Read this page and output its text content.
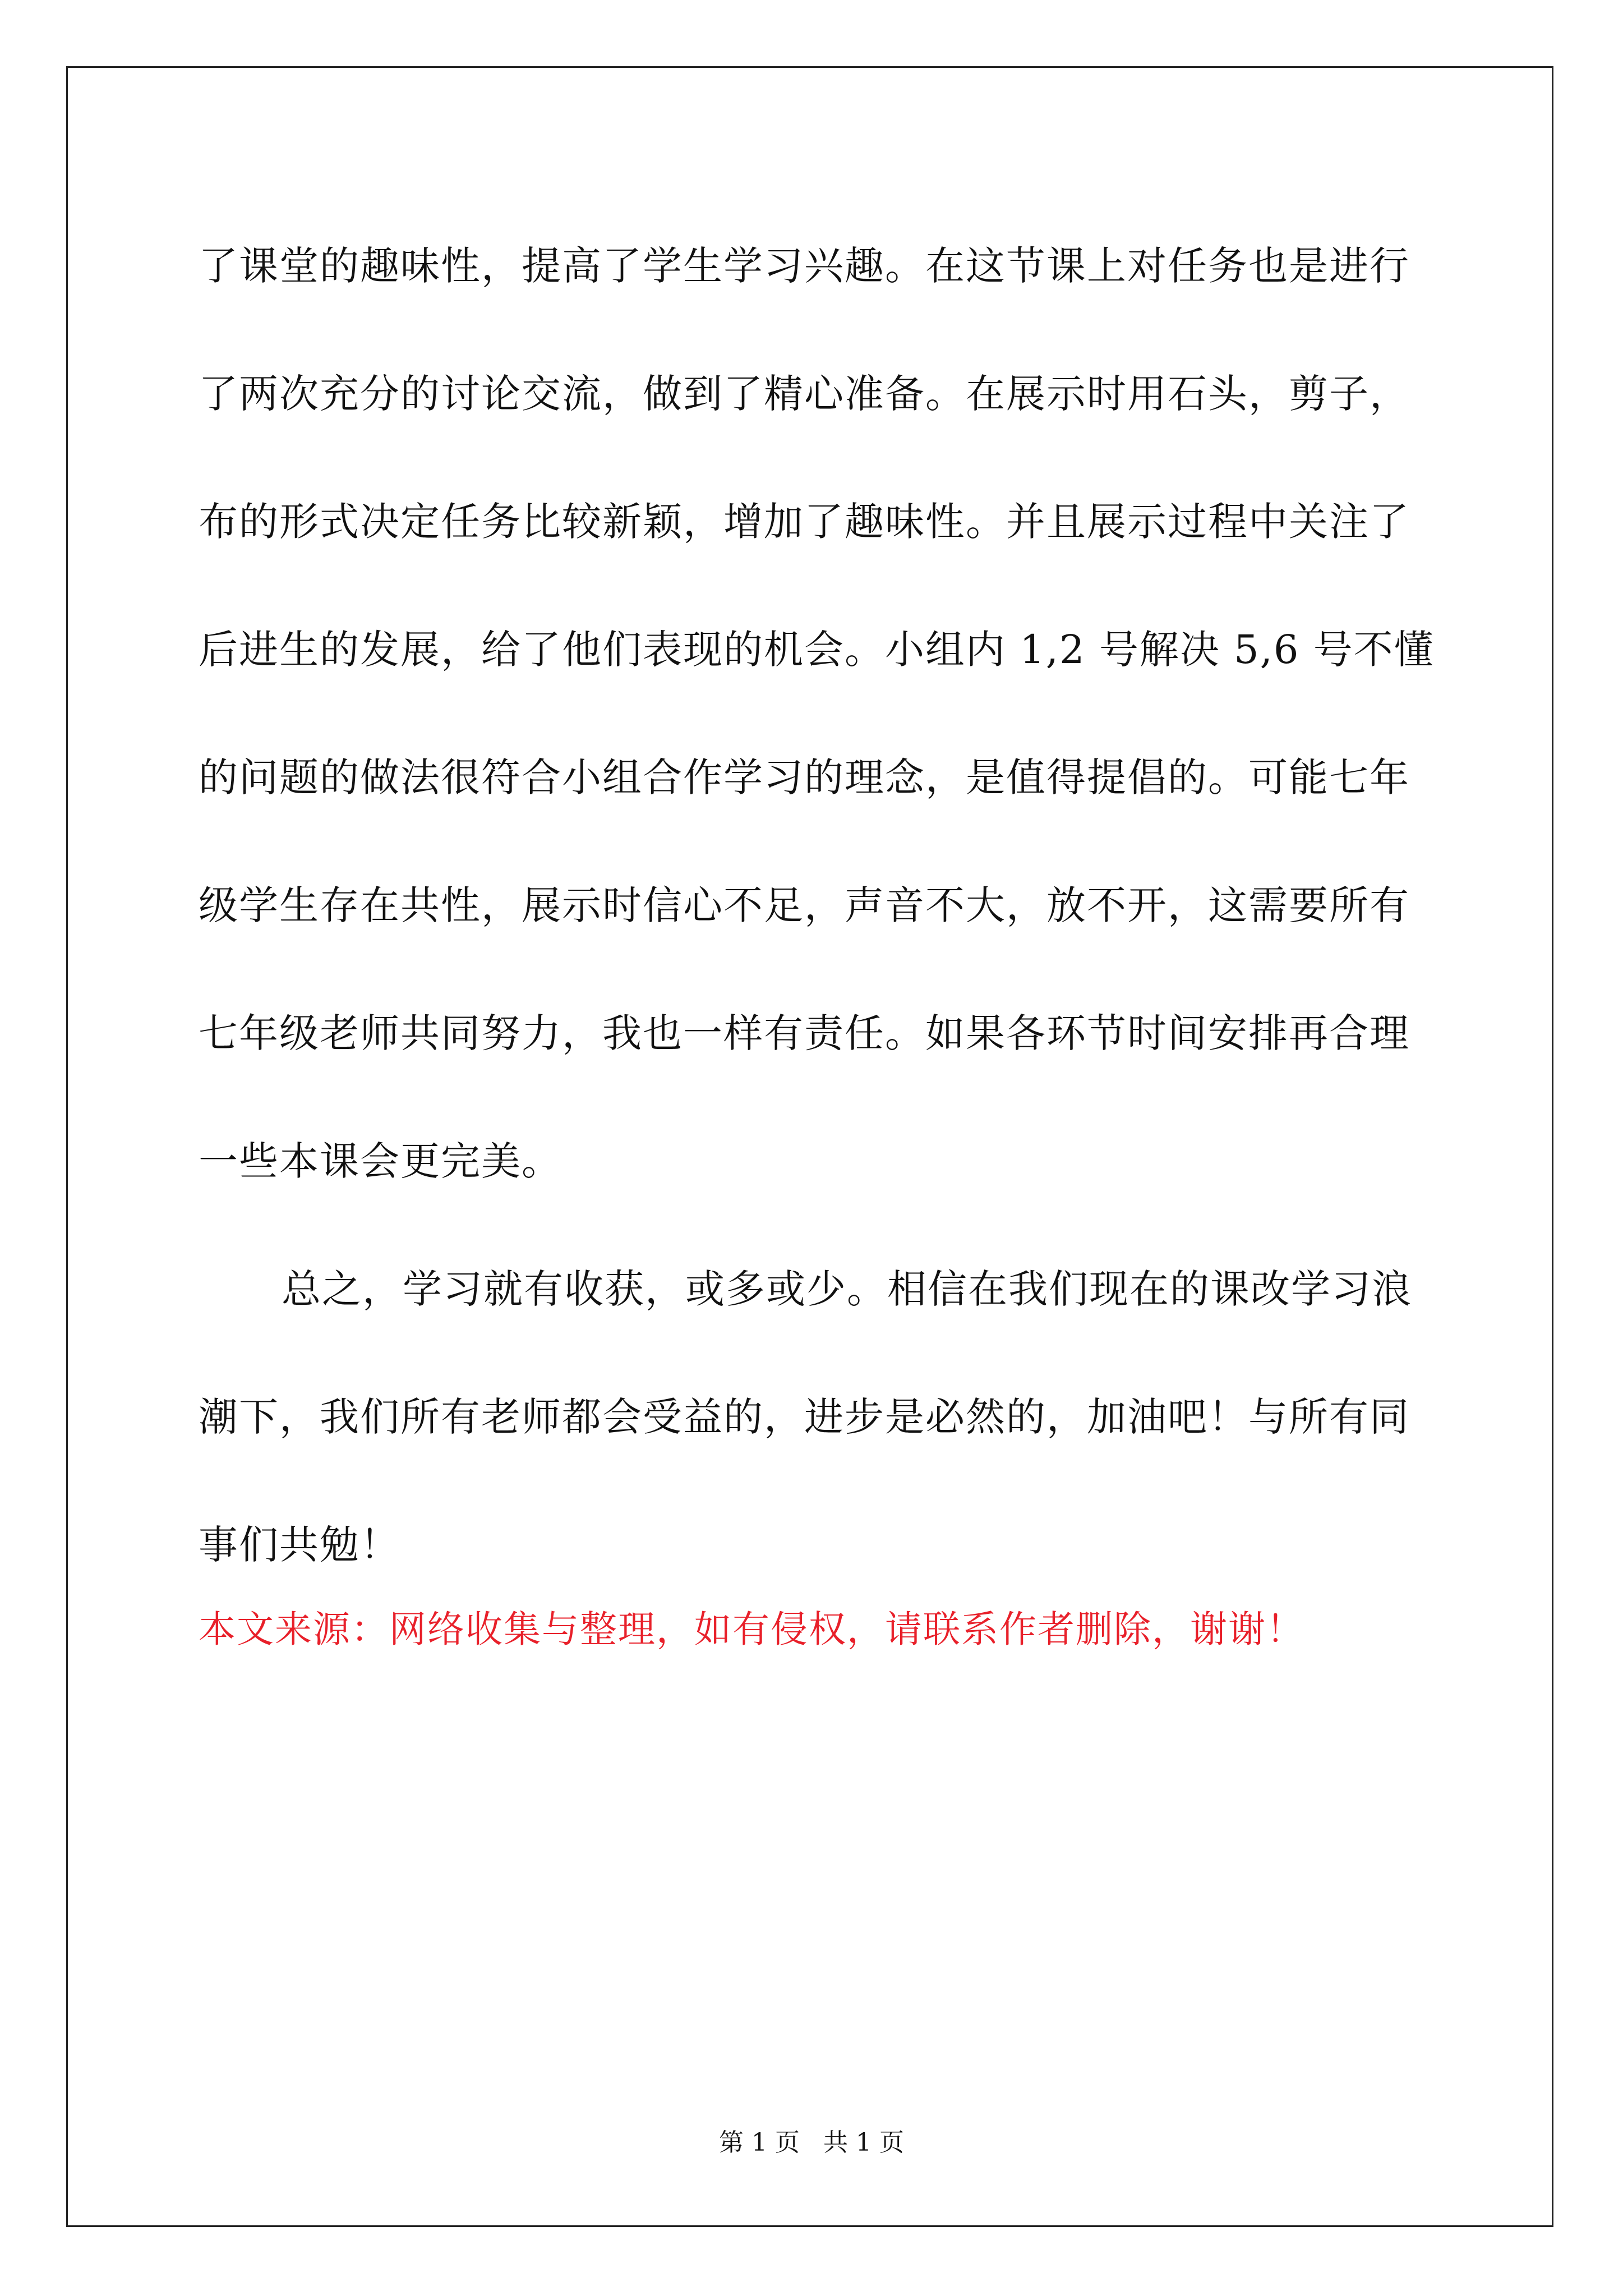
了课堂的趣味性，提高了学生学习兴趣。在这节课上对任务也是进行
了两次充分的讨论交流，做到了精心准备。在展示时用石头，剪子，
布的形式决定任务比较新颖，增加了趣味性。并且展示过程中关注了
后进生的发展，给了他们表现的机会。小组内 1,2 号解决 5,6 号不懂
的问题的做法很符合小组合作学习的理念，是值得提倡的。可能七年
级学生存在共性，展示时信心不足，声音不大，放不开，这需要所有
七年级老师共同努力，我也一样有责任。如果各环节时间安排再合理
一些本课会更完美。

总之，学习就有收获，或多或少。相信在我们现在的课改学习浪
潮下，我们所有老师都会受益的，进步是必然的，加油吧！与所有同
事们共勉！

本文来源：网络收集与整理，如有侵权，请联系作者删除，谢谢！
第 1 页 共 1 页
